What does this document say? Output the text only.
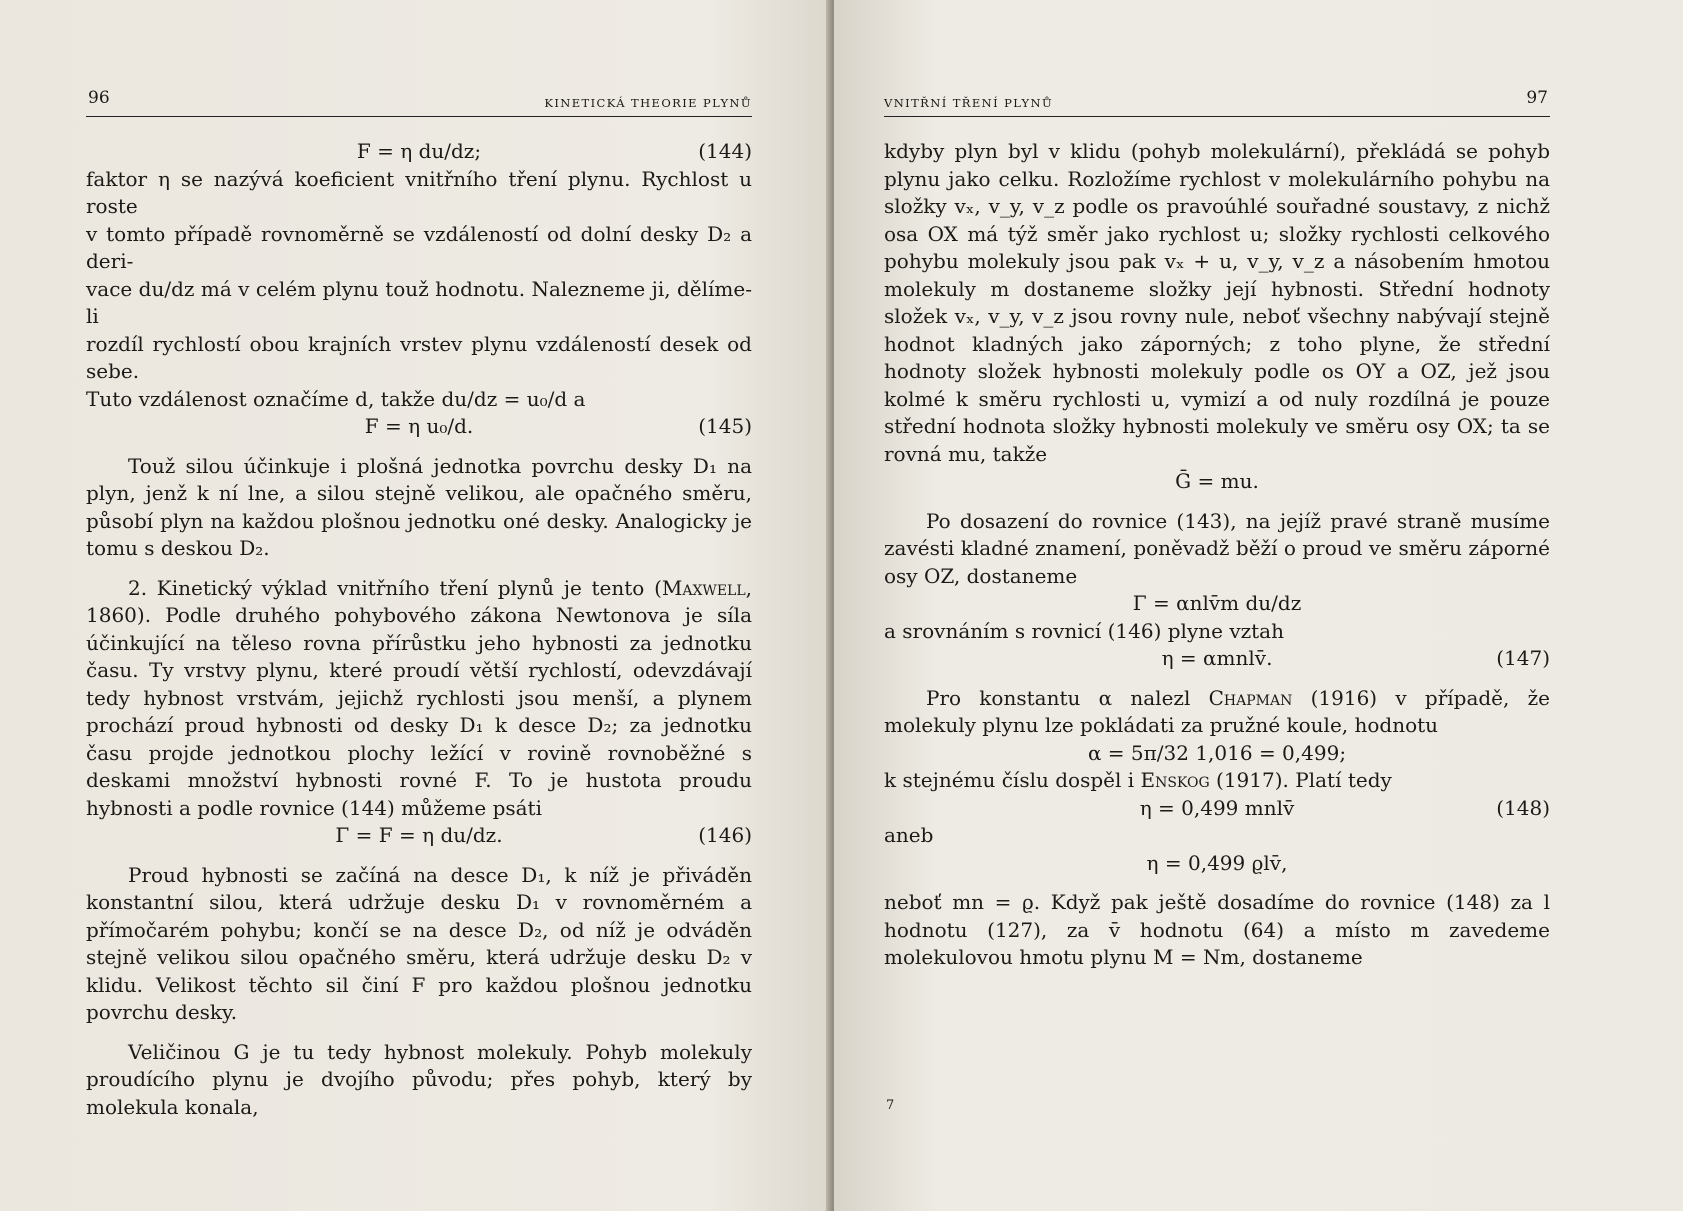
96	KINETICKÁ THEORIE PLYNŮ
F = η du/dz;	(144)

faktor η se nazývá koeficient vnitřního tření plynu. Rychlost u roste

v tomto případě rovnoměrně se vzdáleností od dolní desky D₂ a deri-

vace du/dz má v celém plynu touž hodnotu. Nalezneme ji, dělíme-li

rozdíl rychlostí obou krajních vrstev plynu vzdáleností desek od sebe.

Tuto vzdálenost označíme d, takže du/dz = u₀/d a

F = η u₀/d.	(145)

Touž silou účinkuje i plošná jednotka povrchu desky D₁ na plyn, jenž k ní lne, a silou stejně velikou, ale opačného směru, působí plyn na každou plošnou jednotku oné desky. Analogicky je tomu s deskou D₂.

2. Kinetický výklad vnitřního tření plynů je tento (Maxwell, 1860). Podle druhého pohybového zákona Newtonova je síla účinkující na těleso rovna přírůstku jeho hybnosti za jednotku času. Ty vrstvy plynu, které proudí větší rychlostí, odevzdávají tedy hybnost vrstvám, jejichž rychlosti jsou menší, a plynem prochází proud hybnosti od desky D₁ k desce D₂; za jednotku času projde jednotkou plochy ležící v rovině rovnoběžné s deskami množství hybnosti rovné F. To je hustota proudu hybnosti a podle rovnice (144) můžeme psáti

Γ = F = η du/dz.	(146)

Proud hybnosti se začíná na desce D₁, k níž je přiváděn konstantní silou, která udržuje desku D₁ v rovnoměrném a přímočarém pohybu; končí se na desce D₂, od níž je odváděn stejně velikou silou opačného směru, která udržuje desku D₂ v klidu. Velikost těchto sil činí F pro každou plošnou jednotku povrchu desky.

Veličinou G je tu tedy hybnost molekuly. Pohyb molekuly proudícího plynu je dvojího původu; přes pohyb, který by molekula konala,

VNITŘNÍ TŘENÍ PLYNŮ	97

kdyby plyn byl v klidu (pohyb molekulární), překládá se pohyb plynu jako celku. Rozložíme rychlost v molekulárního pohybu na složky vₓ, v_y, v_z podle os pravoúhlé souřadné soustavy, z nichž osa OX má týž směr jako rychlost u; složky rychlosti celkového pohybu molekuly jsou pak vₓ + u, v_y, v_z a násobením hmotou molekuly m dostaneme složky její hybnosti. Střední hodnoty složek vₓ, v_y, v_z jsou rovny nule, neboť všechny nabývají stejně hodnot kladných jako záporných; z toho plyne, že střední hodnoty složek hybnosti molekuly podle os OY a OZ, jež jsou kolmé k směru rychlosti u, vymizí a od nuly rozdílná je pouze střední hodnota složky hybnosti molekuly ve směru osy OX; ta se rovná mu, takže

Ḡ = mu.

Po dosazení do rovnice (143), na jejíž pravé straně musíme zavésti kladné znamení, poněvadž běží o proud ve směru záporné osy OZ, dostaneme

Γ = αnlv̄m du/dz

a srovnáním s rovnicí (146) plyne vztah

η = αmnlv̄.	(147)

Pro konstantu α nalezl Chapman (1916) v případě, že molekuly plynu lze pokládati za pružné koule, hodnotu

α = 5π/32 1,016 = 0,499;

k stejnému číslu dospěl i Enskog (1917). Platí tedy

η = 0,499 mnlv̄	(148)

aneb

η = 0,499 ϱlv̄,

neboť mn = ϱ. Když pak ještě dosadíme do rovnice (148) za l hodnotu (127), za v̄ hodnotu (64) a místo m zavedeme molekulovou hmotu plynu M = Nm, dostaneme

7
